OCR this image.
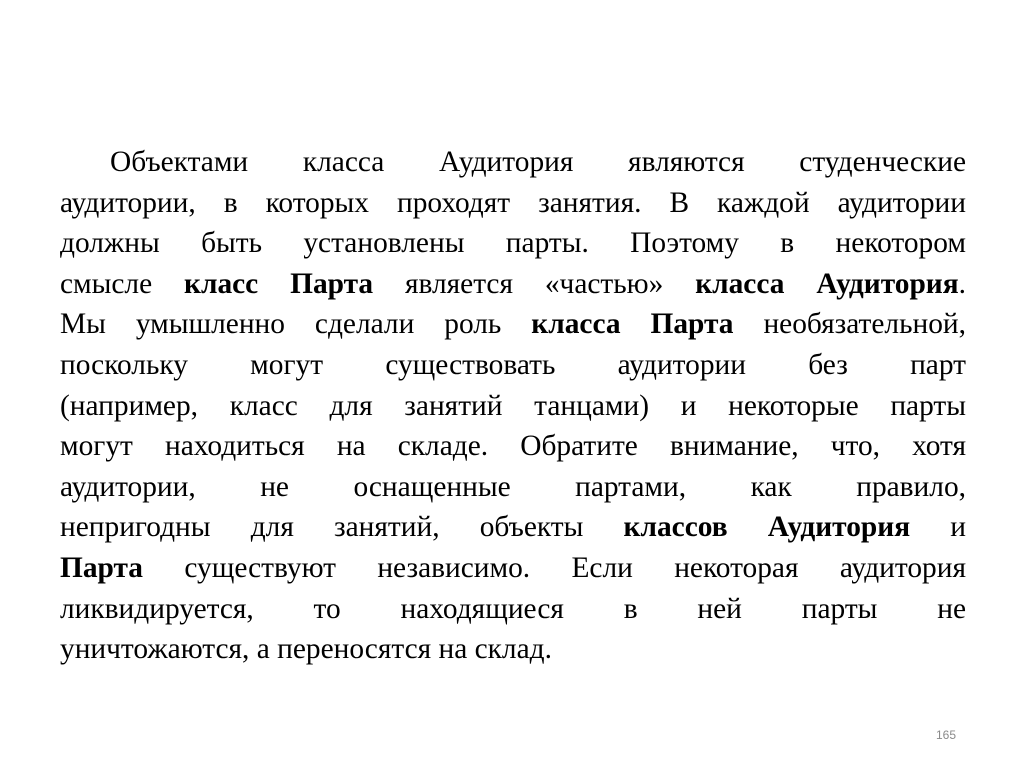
Объектами класса Аудитория являются студенческие
аудитории, в которых проходят занятия. В каждой аудитории
должны быть установлены парты. Поэтому в некотором
смысле класс Парта является «частью» класса Аудитория.
Мы умышленно сделали роль класса Парта необязательной,
поскольку могут существовать аудитории без парт
(например, класс для занятий танцами) и некоторые парты
могут находиться на складе. Обратите внимание, что, хотя
аудитории, не оснащенные партами, как правило,
непригодны для занятий, объекты классов Аудитория и
Парта существуют независимо. Если некоторая аудитория
ликвидируется, то находящиеся в ней парты не
уничтожаются, а переносятся на склад.
165
